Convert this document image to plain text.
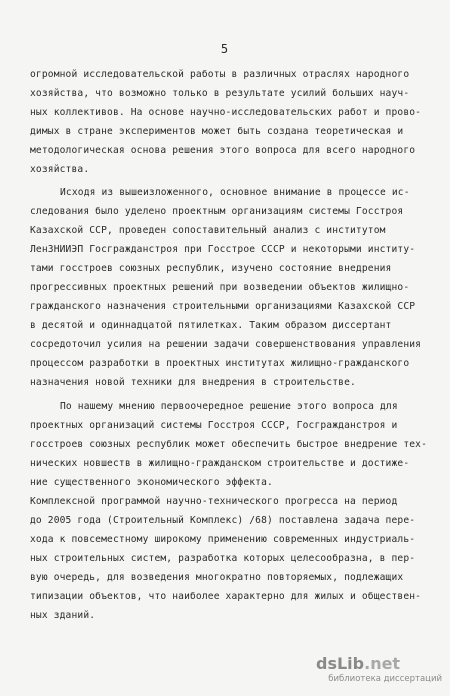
5
огромной исследовательской работы в различных отраслях народного
хозяйства, что возможно только в результате усилий больших науч-
ных коллективов. На основе научно-исследовательских работ и прово-
димых в стране экспериментов может быть создана теоретическая и
методологическая основа решения этого вопроса для всего народного
хозяйства.
Исходя из вышеизложенного, основное внимание в процессе ис-
следования было уделено проектным организациям системы Госстроя
Казахской ССР, проведен сопоставительный анализ с институтом
ЛенЗНИИЭП Госгражданстроя при Госстрое СССР и некоторыми институ-
тами госстроев союзных республик, изучено состояние внедрения
прогрессивных проектных решений при возведении объектов жилищно-
гражданского назначения строительными организациями Казахской ССР
в десятой и одиннадцатой пятилетках. Таким образом диссертант
сосредоточил усилия на решении задачи совершенствования управления
процессом разработки в проектных институтах жилищно-гражданского
назначения новой техники для внедрения в строительстве.
По нашему мнению первоочередное решение этого вопроса для
проектных организаций системы Госстроя СССР, Госгражданстроя и
госстроев союзных республик может обеспечить быстрое внедрение тех-
нических новшеств в жилищно-гражданском строительстве и достиже-
ние существенного экономического эффекта.
Комплексной программой научно-технического прогресса на период
до 2005 года (Строительный Комплекс) /68) поставлена задача пере-
хода к повсеместному широкому применению современных индустриаль-
ных строительных систем, разработка которых целесообразна, в пер-
вую очередь, для возведения многократно повторяемых, подлежащих
типизации объектов, что наиболее характерно для жилых и обществен-
ных зданий.
dsLib.net
библиотека диссертаций
